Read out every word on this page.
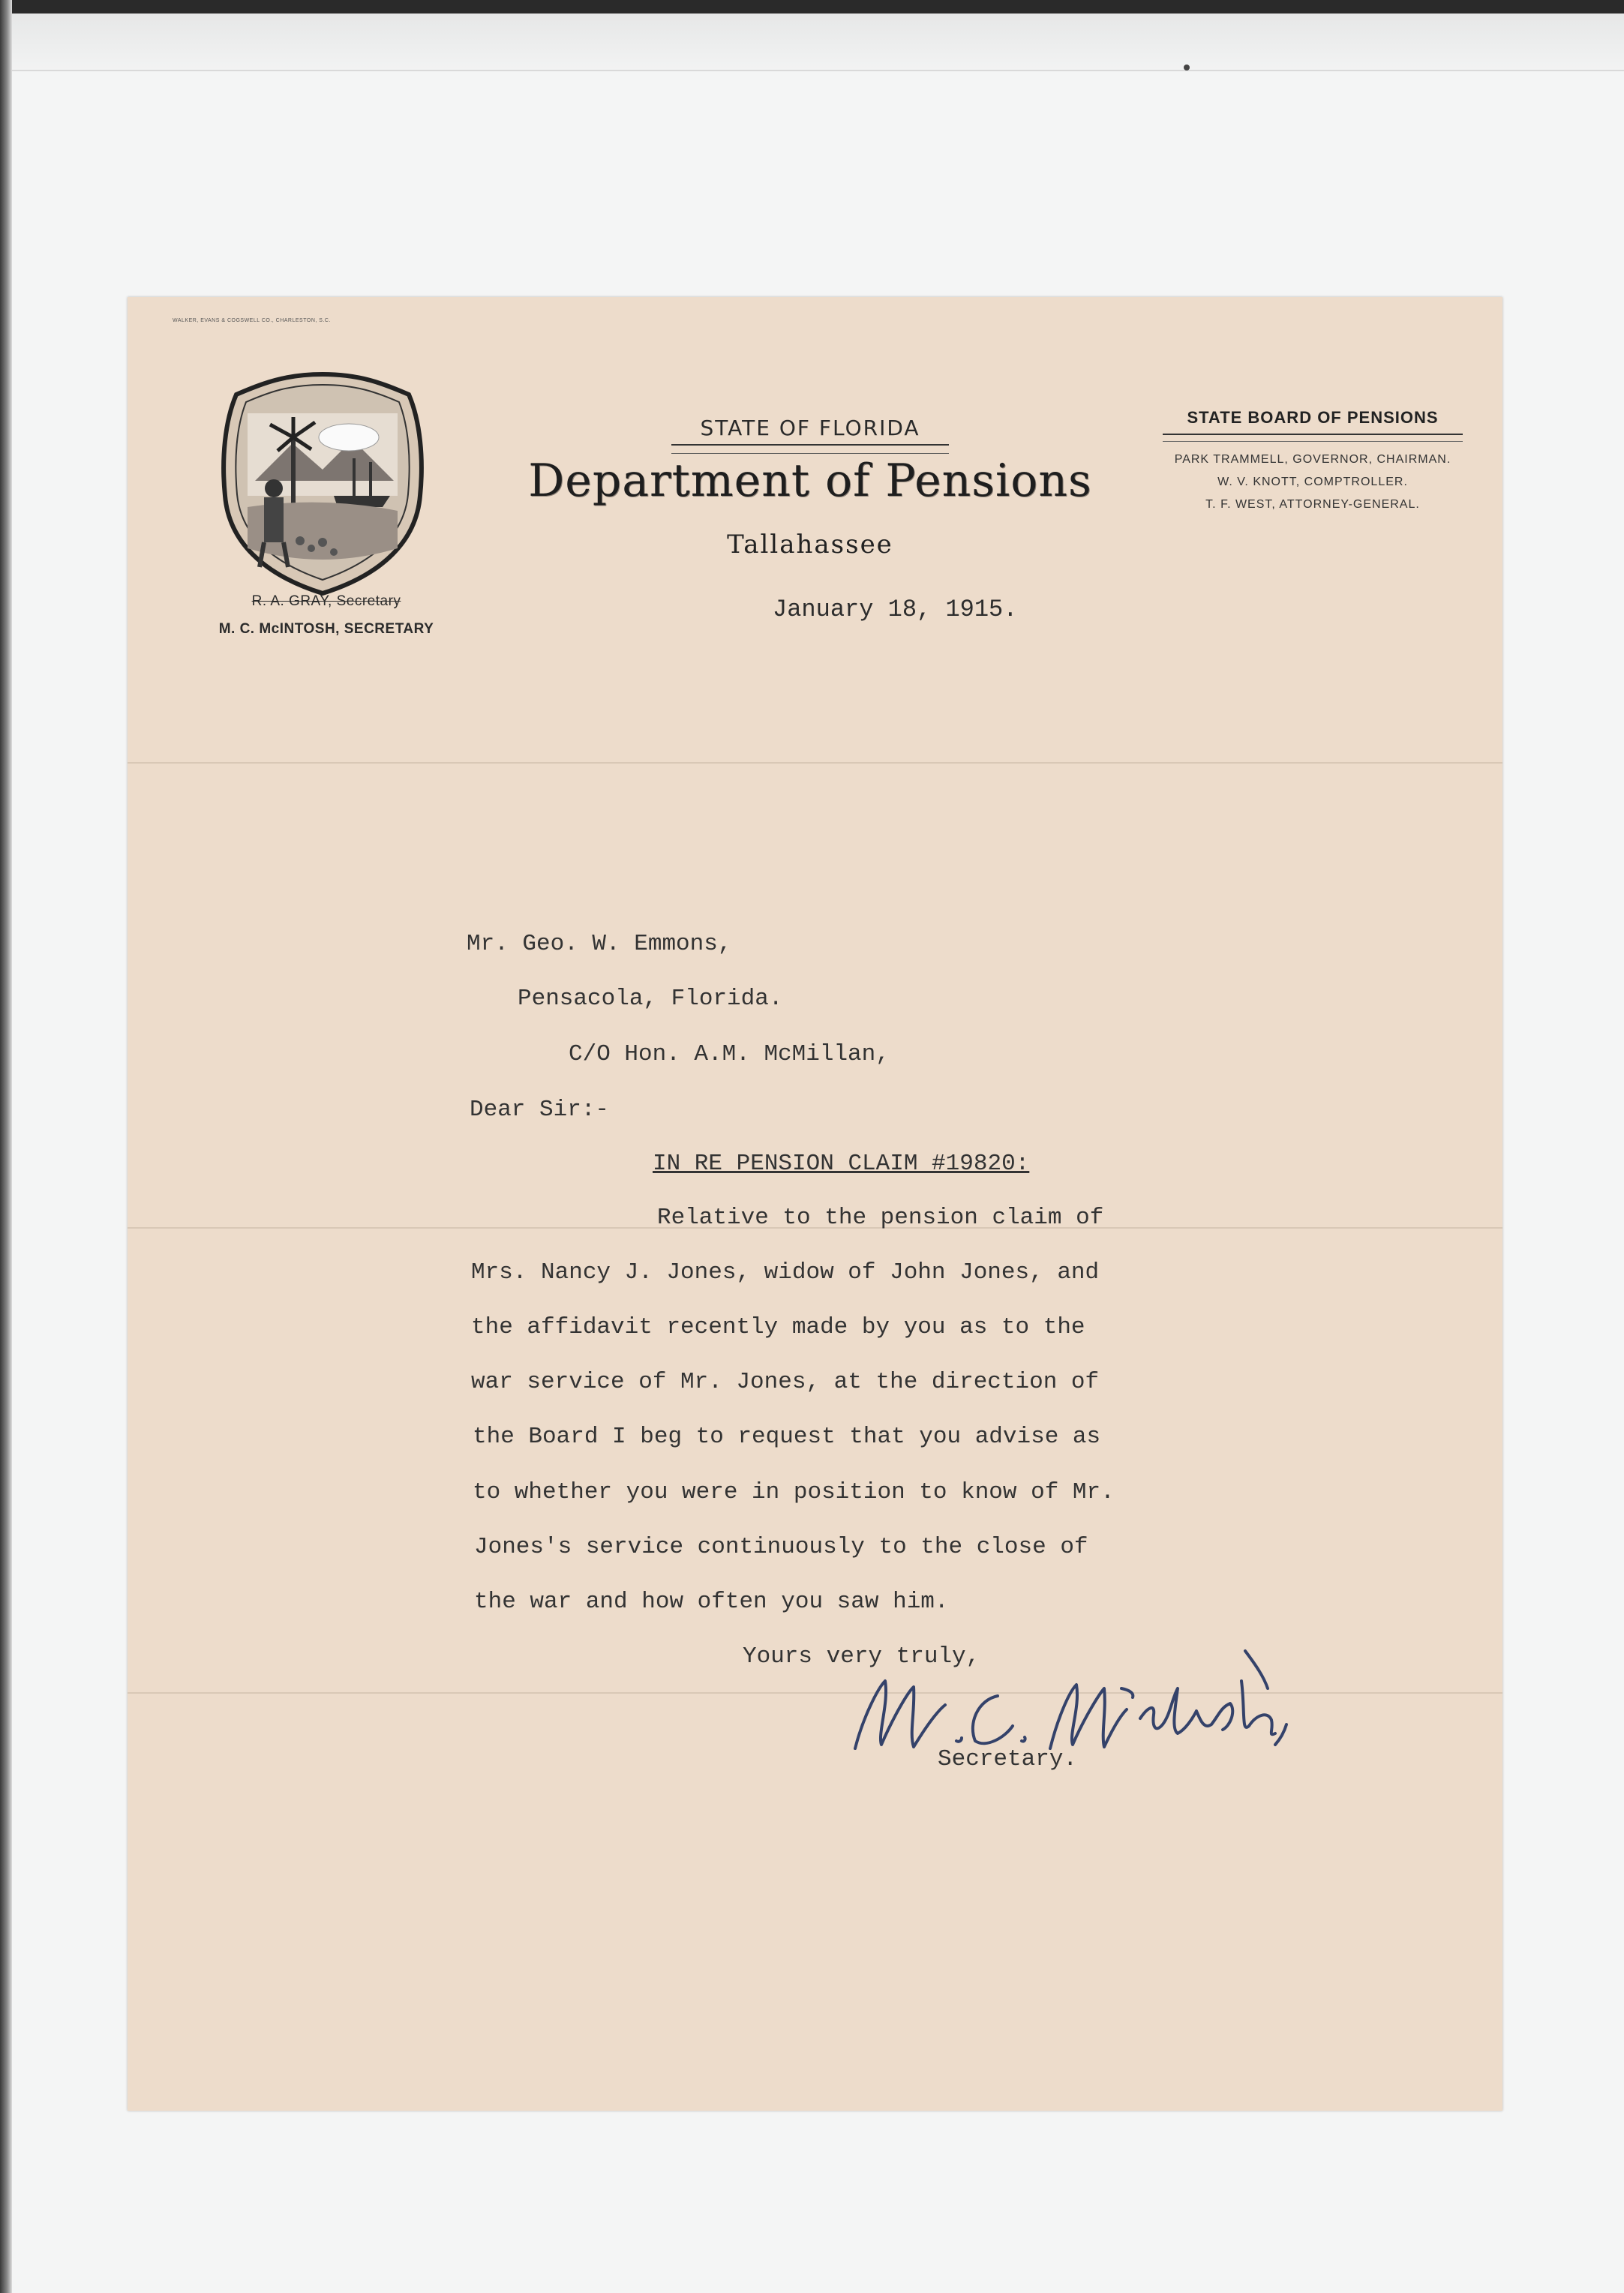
WALKER, EVANS & COGSWELL CO., CHARLESTON, S.C.
R. A. GRAY, Secretary
M. C. McINTOSH, SECRETARY
STATE OF FLORIDA
Department of Pensions
Tallahassee
January 18, 1915.
STATE BOARD OF PENSIONS
PARK TRAMMELL, GOVERNOR, CHAIRMAN.
W. V. KNOTT, COMPTROLLER.
T. F. WEST, ATTORNEY-GENERAL.
Mr. Geo. W. Emmons,
Pensacola, Florida.
C/O Hon. A.M. McMillan,
Dear Sir:-
IN RE PENSION CLAIM #19820:
Relative to the pension claim of
Mrs. Nancy J. Jones, widow of John Jones, and
the affidavit recently made by you as to the
war service of Mr. Jones, at the direction of
the Board I beg to request that you advise as
to whether you were in position to know of Mr.
Jones's service continuously to the close of
the war and how often you saw him.
Yours very truly,
M. C. McIntosh,
Secretary.
